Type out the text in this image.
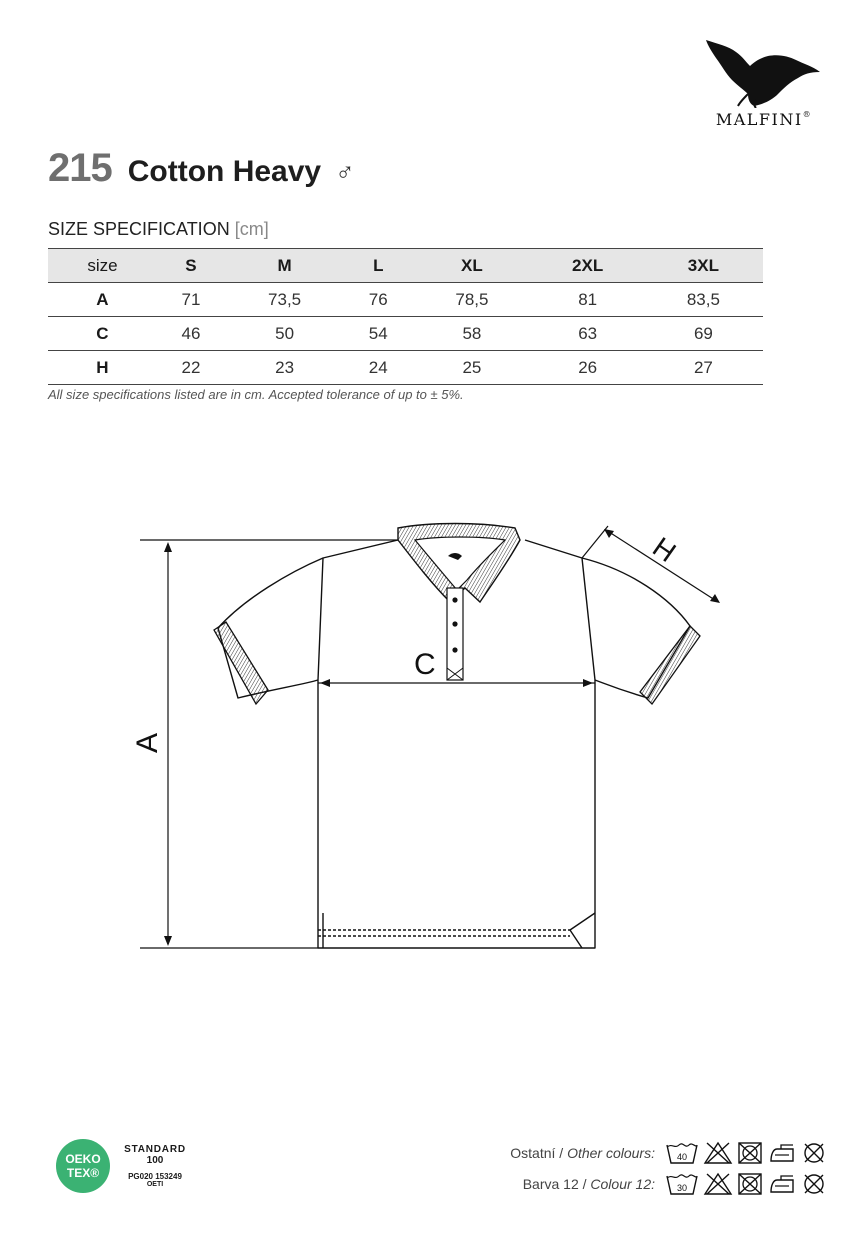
MALFINI®
215 Cotton Heavy ♂
SIZE SPECIFICATION [cm]
size	S	M	L	XL	2XL	3XL
A	71	73,5	76	78,5	81	83,5
C	46	50	54	58	63	69
H	22	23	24	25	26	27
All size specifications listed are in cm. Accepted tolerance of up to ± 5%.
A
C
H
OEKO
TEX®
STANDARD
100
PG020 153249
OETI
Ostatní / Other colours: 40
Barva 12 / Colour 12: 30
